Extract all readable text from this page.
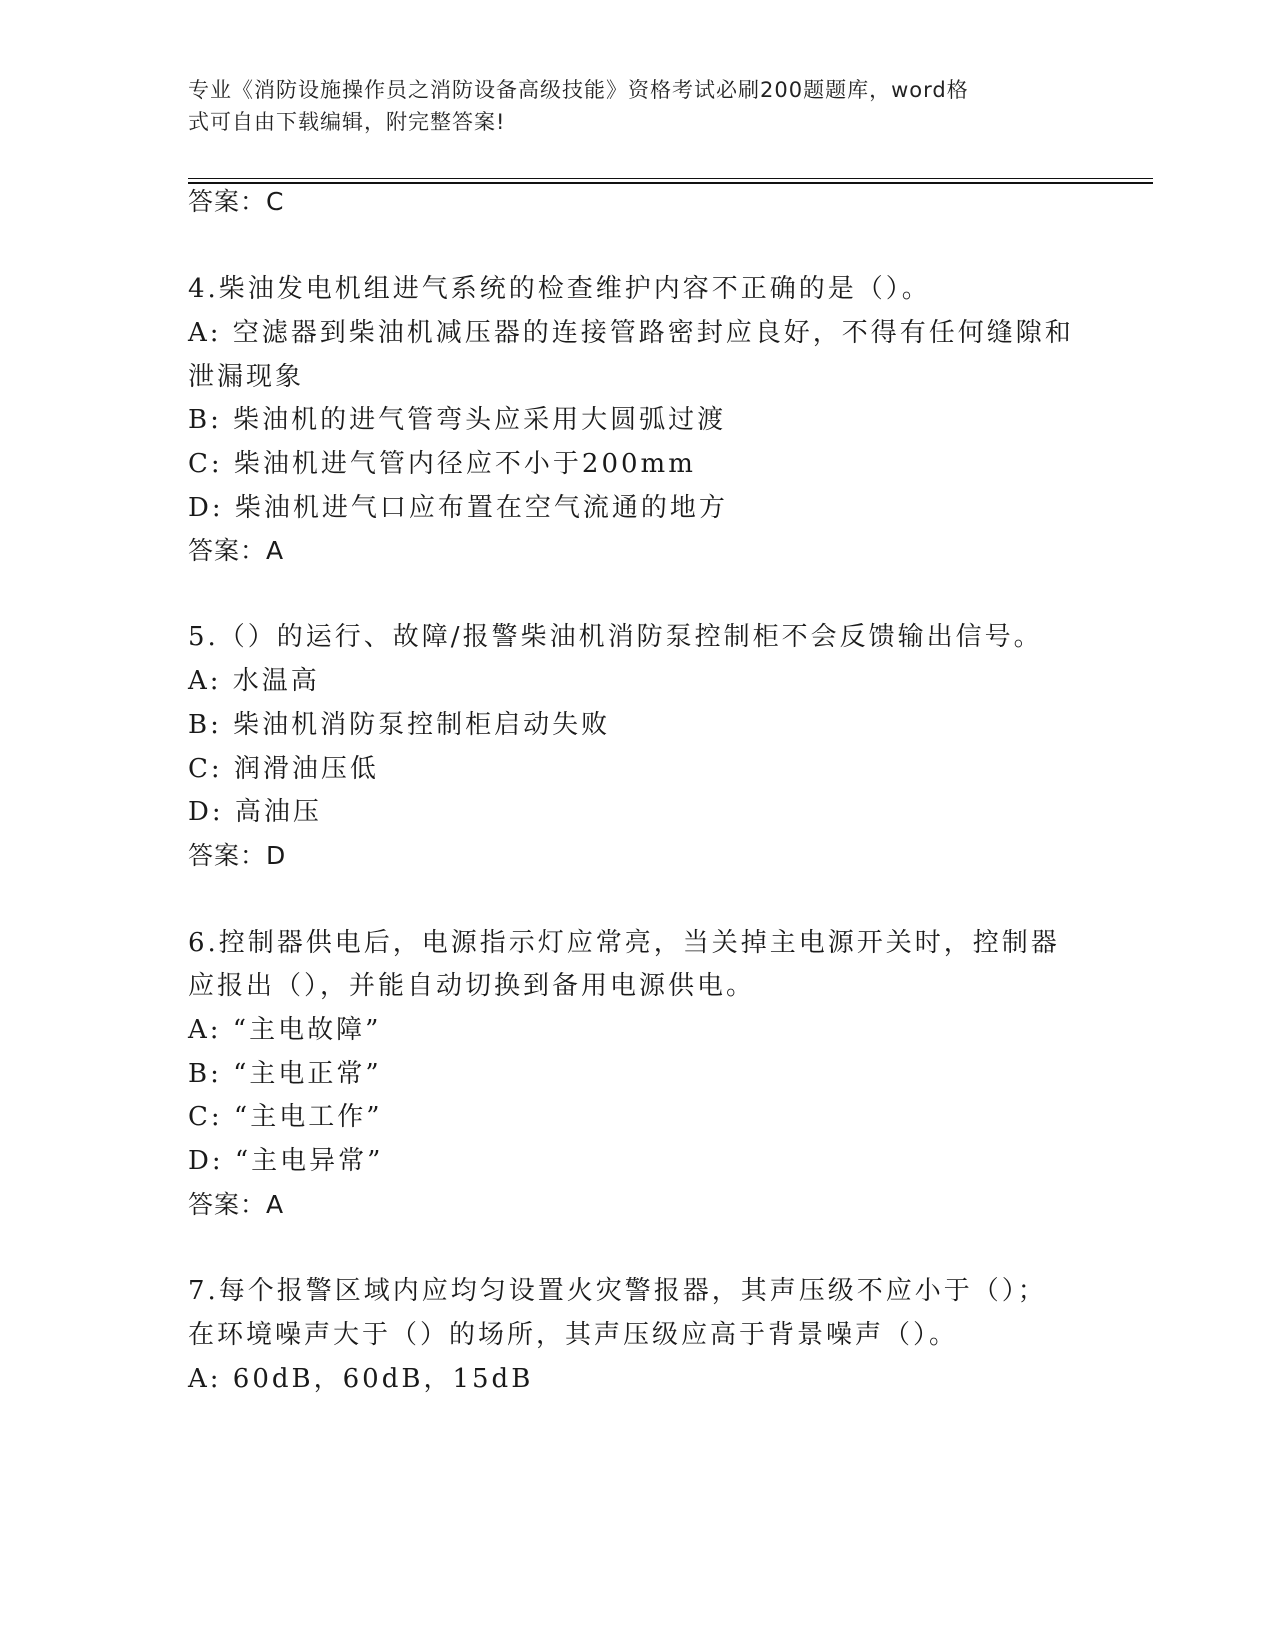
专业《消防设施操作员之消防设备高级技能》资格考试必刷200题题库，word格
式可自由下载编辑，附完整答案!
答案：C
4.柴油发电机组进气系统的检查维护内容不正确的是（）。
A: 空滤器到柴油机减压器的连接管路密封应良好，不得有任何缝隙和
泄漏现象
B: 柴油机的进气管弯头应采用大圆弧过渡
C: 柴油机进气管内径应不小于200mm
D: 柴油机进气口应布置在空气流通的地方
答案：A
5.（）的运行、故障/报警柴油机消防泵控制柜不会反馈输出信号。
A: 水温高
B: 柴油机消防泵控制柜启动失败
C: 润滑油压低
D: 高油压
答案：D
6.控制器供电后，电源指示灯应常亮，当关掉主电源开关时，控制器
应报出（），并能自动切换到备用电源供电。
A: “主电故障”
B: “主电正常”
C: “主电工作”
D: “主电异常”
答案：A
7.每个报警区域内应均匀设置火灾警报器，其声压级不应小于（）；
在环境噪声大于（）的场所，其声压级应高于背景噪声（）。
A: 60dB，60dB，15dB
